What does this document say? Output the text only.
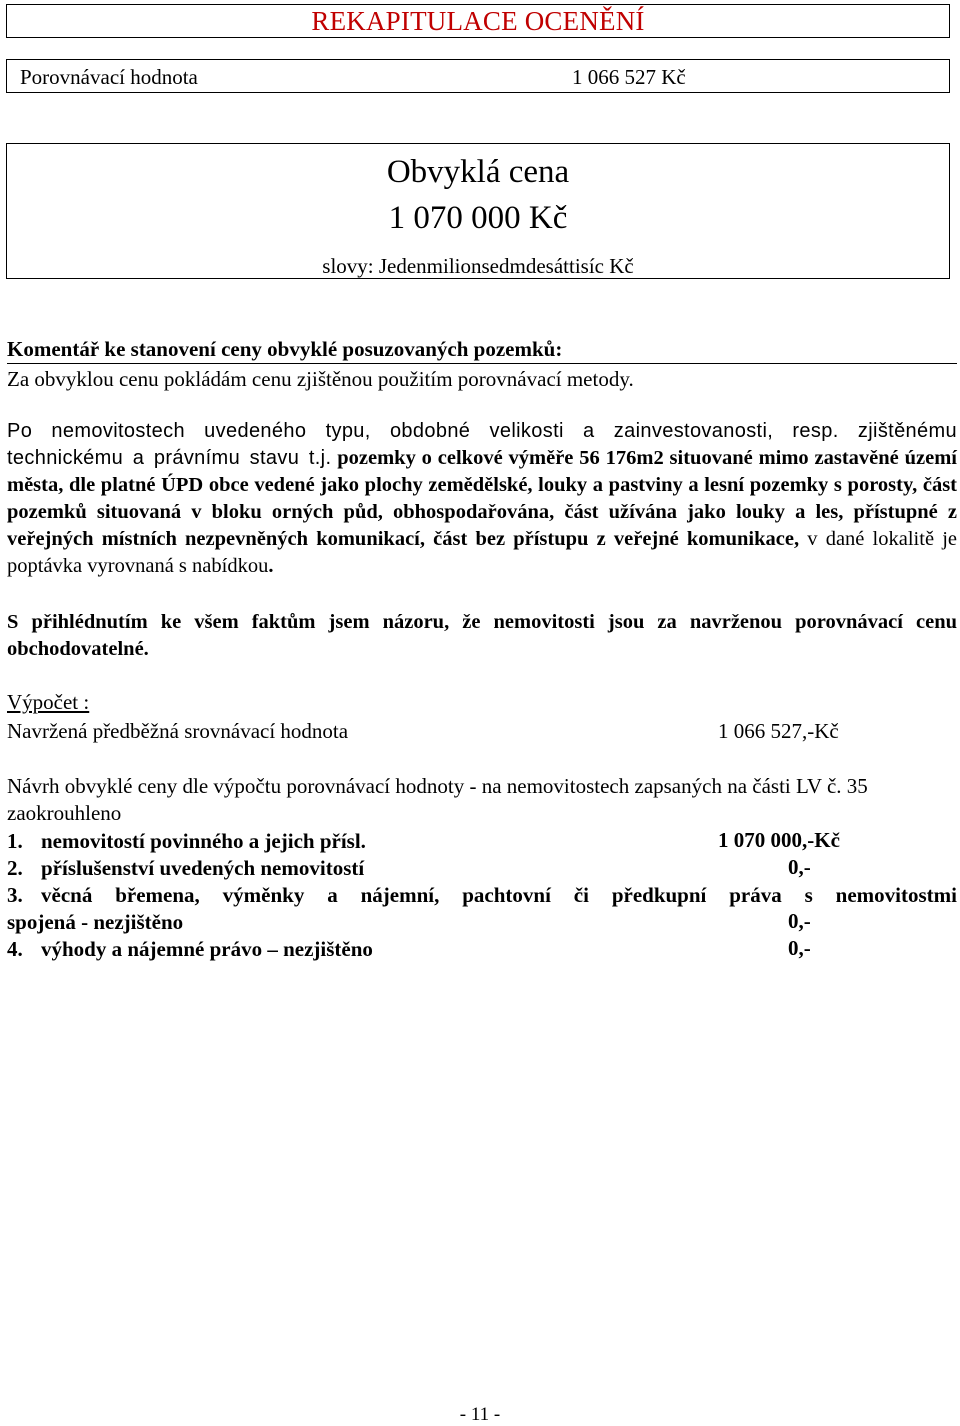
REKAPITULACE OCENĚNÍ
Porovnávací hodnota	1 066 527 Kč
Obvyklá cena
1 070 000 Kč
slovy: Jedenmilionsedmdesáttisíc Kč
Komentář ke stanovení ceny obvyklé posuzovaných pozemků:
Za obvyklou cenu pokládám cenu zjištěnou použitím porovnávací metody.
Po nemovitostech uvedeného typu, obdobné velikosti a zainvestovanosti, resp. zjištěnému technickému a právnímu stavu t.j. pozemky o celkové výměře 56 176m2 situované mimo zastavěné území města, dle platné ÚPD obce vedené jako plochy zemědělské, louky a pastviny a lesní pozemky s porosty, část pozemků situovaná v bloku orných půd, obhospodařována, část užívána jako louky a les, přístupné z veřejných místních nezpevněných komunikací, část bez přístupu z veřejné komunikace, v dané lokalitě je poptávka vyrovnaná s nabídkou.
S přihlédnutím ke všem faktům jsem názoru, že nemovitosti jsou za navrženou porovnávací cenu obchodovatelné.
Výpočet :
Navržená předběžná srovnávací hodnota	1 066 527,-Kč
Návrh obvyklé ceny dle výpočtu porovnávací hodnoty - na nemovitostech zapsaných na části LV č. 35 zaokrouhleno
1. nemovitostí povinného a jejich přísl.	1 070 000,-Kč
2. příslušenství uvedených nemovitostí	0,-
3. věcná břemena, výměnky a nájemní, pachtovní či předkupní práva s nemovitostmi
spojená - nezjištěno	0,-
4. výhody a nájemné právo – nezjištěno	0,-
- 11 -
